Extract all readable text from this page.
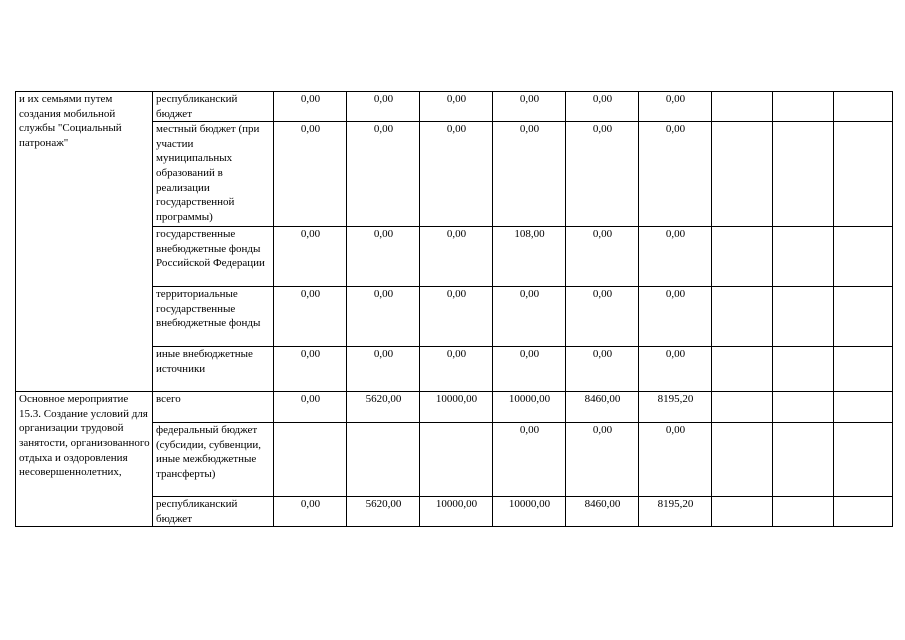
и их семьями путем создания мобильной службы "Социальный патронаж"	республиканский бюджет	0,00	0,00	0,00	0,00	0,00	0,00			
	местный бюджет (при участии муниципальных образований в реализации государственной программы)	0,00	0,00	0,00	0,00	0,00	0,00			
	государственные внебюджетные фонды Российской Федерации	0,00	0,00	0,00	108,00	0,00	0,00			
	территориальные государственные внебюджетные фонды	0,00	0,00	0,00	0,00	0,00	0,00			
	иные внебюджетные источники	0,00	0,00	0,00	0,00	0,00	0,00			
Основное мероприятие 15.3. Создание условий для организации трудовой занятости, организованного отдыха и оздоровления несовершеннолетних,	всего	0,00	5620,00	10000,00	10000,00	8460,00	8195,20			
	федеральный бюджет (субсидии, субвенции, иные межбюджетные трансферты)				0,00	0,00	0,00			
	республиканский бюджет	0,00	5620,00	10000,00	10000,00	8460,00	8195,20			
